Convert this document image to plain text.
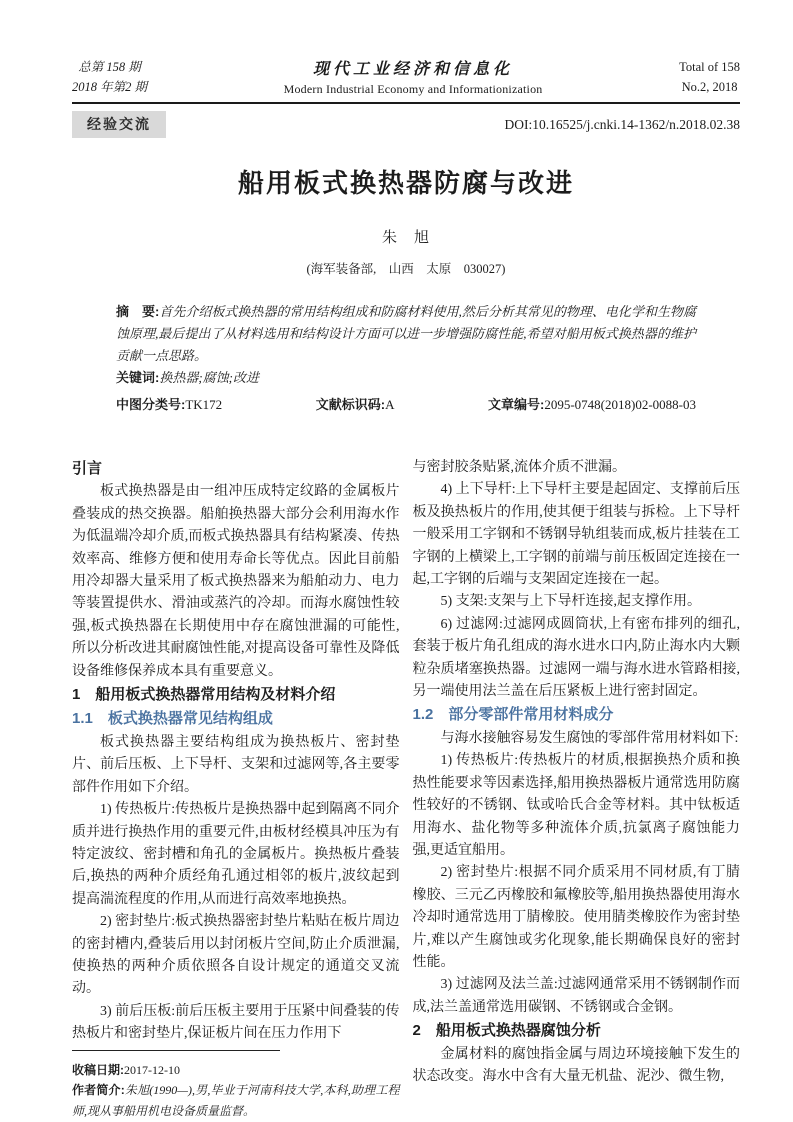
总第 158 期
2018 年第2 期
现代工业经济和信息化
Modern Industrial Economy and Informationization
Total of 158
No.2, 2018
经验交流	DOI:10.16525/j.cnki.14-1362/n.2018.02.38
船用板式换热器防腐与改进
朱　旭
(海军装备部,　山西　太原　030027)

摘　要:首先介绍板式换热器的常用结构组成和防腐材料使用,然后分析其常见的物理、电化学和生物腐蚀原理,最后提出了从材料选用和结构设计方面可以进一步增强防腐性能,希望对船用板式换热器的维护贡献一点思路。

关键词:换热器;腐蚀;改进

中图分类号:TK172	文献标识码:A	文章编号:2095-0748(2018)02-0088-03
引言

板式换热器是由一组冲压成特定纹路的金属板片叠装成的热交换器。船舶换热器大部分会利用海水作为低温端冷却介质,而板式换热器具有结构紧凑、传热效率高、维修方便和使用寿命长等优点。因此目前船用冷却器大量采用了板式换热器来为船舶动力、电力等装置提供水、滑油或蒸汽的冷却。而海水腐蚀性较强,板式换热器在长期使用中存在腐蚀泄漏的可能性,所以分析改进其耐腐蚀性能,对提高设备可靠性及降低设备维修保养成本具有重要意义。

1　船用板式换热器常用结构及材料介绍
1.1　板式换热器常见结构组成

板式换热器主要结构组成为换热板片、密封垫片、前后压板、上下导杆、支架和过滤网等,各主要零部件作用如下介绍。

1) 传热板片:传热板片是换热器中起到隔离不同介质并进行换热作用的重要元件,由板材经模具冲压为有特定波纹、密封槽和角孔的金属板片。换热板片叠装后,换热的两种介质经角孔通过相邻的板片,波纹起到提高湍流程度的作用,从而进行高效率地换热。

2) 密封垫片:板式换热器密封垫片粘贴在板片周边的密封槽内,叠装后用以封闭板片空间,防止介质泄漏,使换热的两种介质依照各自设计规定的通道交叉流动。

3) 前后压板:前后压板主要用于压紧中间叠装的传热板片和密封垫片,保证板片间在压力作用下

收稿日期:2017-12-10

作者简介:朱旭(1990—),男,毕业于河南科技大学,本科,助理工程师,现从事船用机电设备质量监督。

与密封胶条贴紧,流体介质不泄漏。

4) 上下导杆:上下导杆主要是起固定、支撑前后压板及换热板片的作用,使其便于组装与拆检。上下导杆一般采用工字钢和不锈钢导轨组装而成,板片挂装在工字钢的上横梁上,工字钢的前端与前压板固定连接在一起,工字钢的后端与支架固定连接在一起。

5) 支架:支架与上下导杆连接,起支撑作用。

6) 过滤网:过滤网成圆筒状,上有密布排列的细孔,套装于板片角孔组成的海水进水口内,防止海水内大颗粒杂质堵塞换热器。过滤网一端与海水进水管路相接,另一端使用法兰盖在后压紧板上进行密封固定。

1.2　部分零部件常用材料成分

与海水接触容易发生腐蚀的零部件常用材料如下:

1) 传热板片:传热板片的材质,根据换热介质和换热性能要求等因素选择,船用换热器板片通常选用防腐性较好的不锈钢、钛或哈氏合金等材料。其中钛板适用海水、盐化物等多种流体介质,抗氯离子腐蚀能力强,更适宜船用。

2) 密封垫片:根据不同介质采用不同材质,有丁腈橡胶、三元乙丙橡胶和氟橡胶等,船用换热器使用海水冷却时通常选用丁腈橡胶。使用腈类橡胶作为密封垫片,难以产生腐蚀或劣化现象,能长期确保良好的密封性能。

3) 过滤网及法兰盖:过滤网通常采用不锈钢制作而成,法兰盖通常选用碳钢、不锈钢或合金钢。

2　船用板式换热器腐蚀分析

金属材料的腐蚀指金属与周边环境接触下发生的状态改变。海水中含有大量无机盐、泥沙、微生物,
